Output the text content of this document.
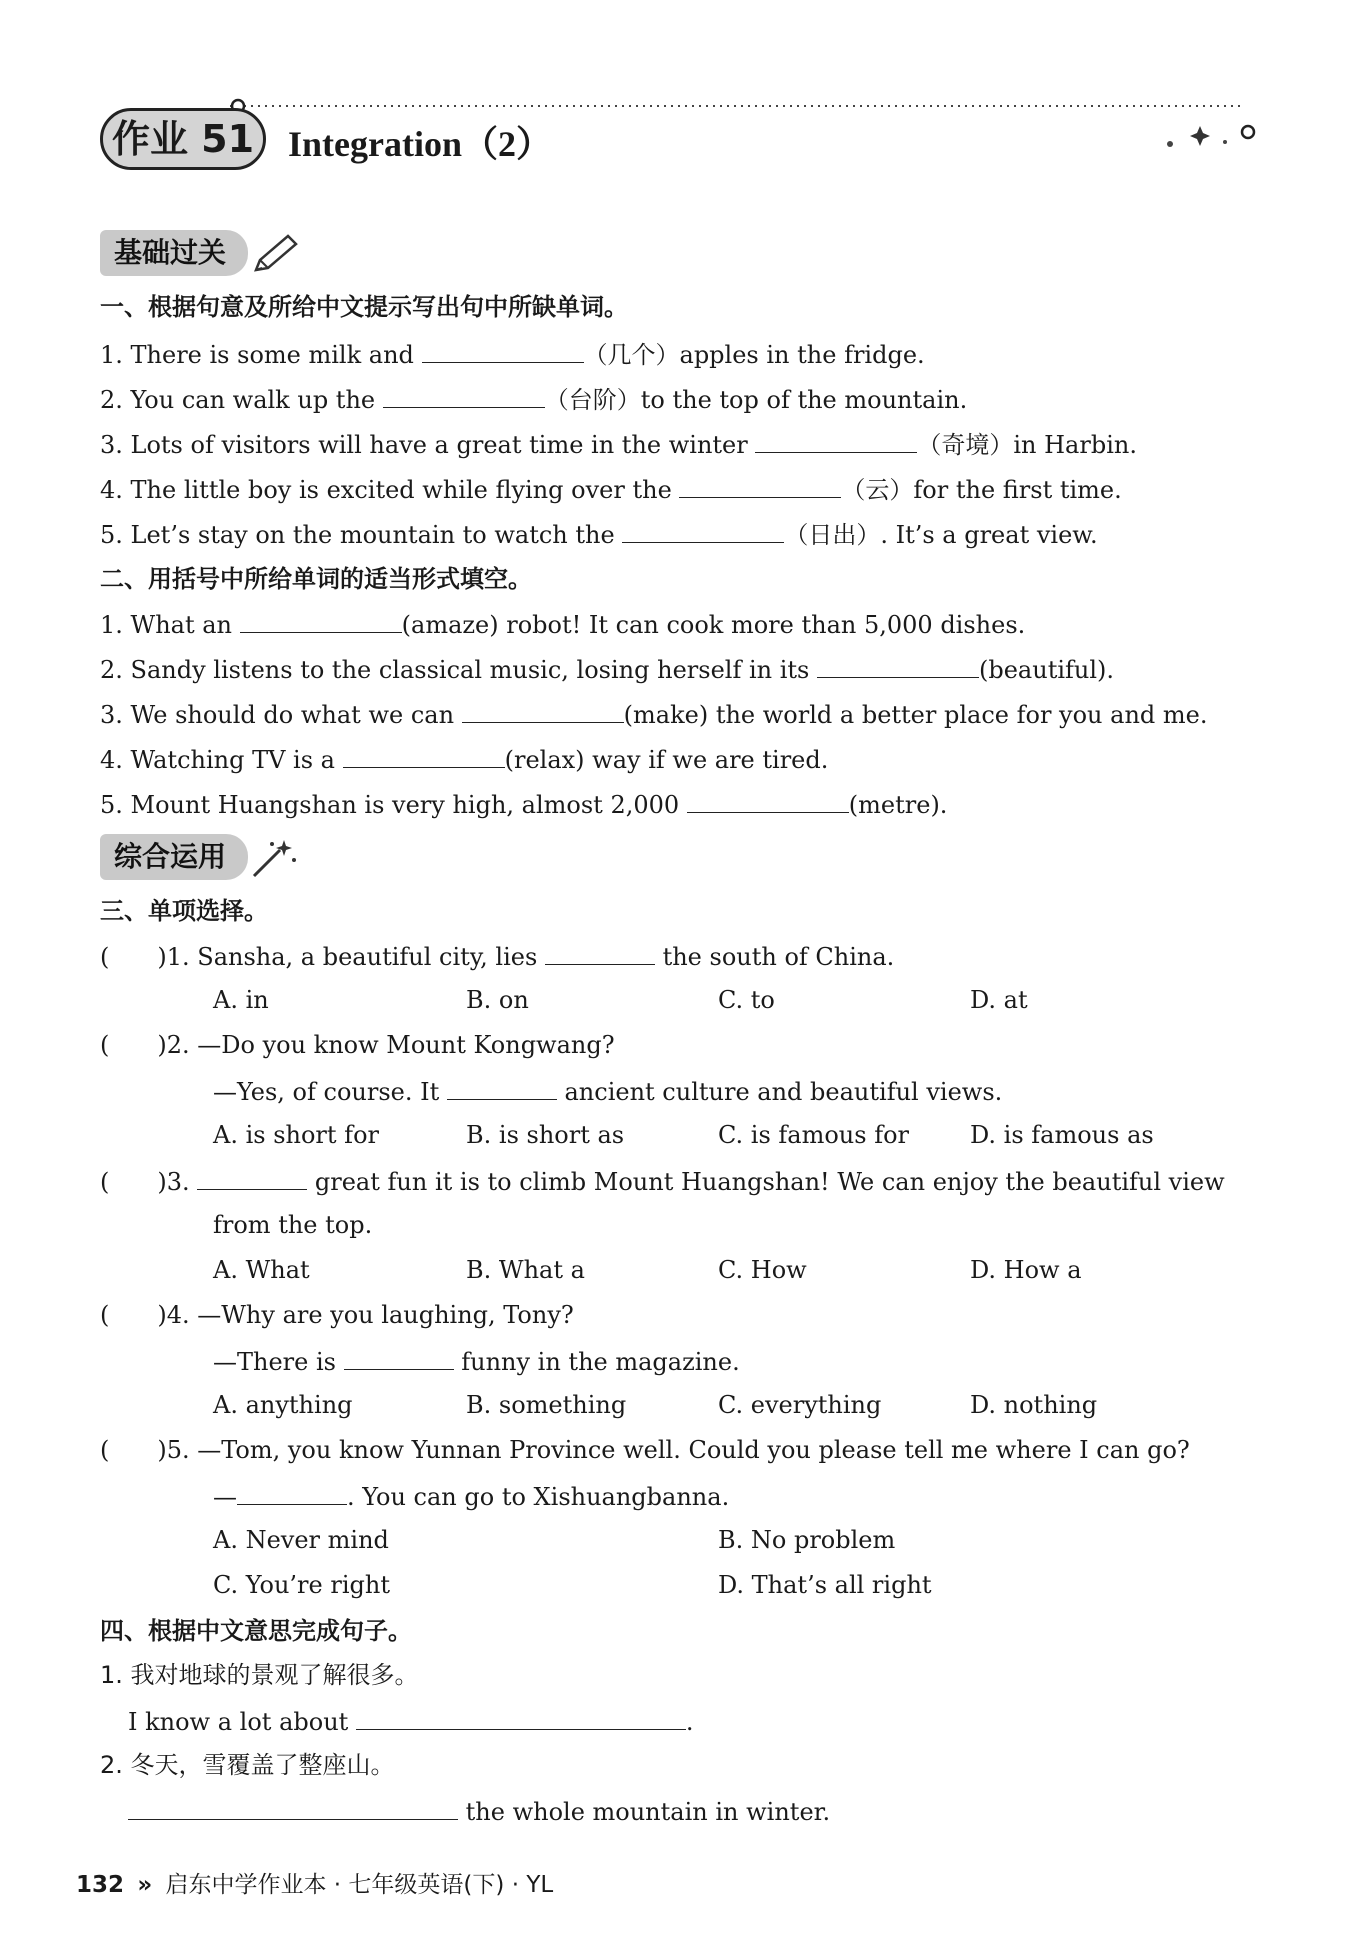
作业 51 Integration（2）
基础过关
一、根据句意及所给中文提示写出句中所缺单词。
1. There is some milk and	（几个）apples in the fridge.
2. You can walk up the	（台阶）to the top of the mountain.
3. Lots of visitors will have a great time in the winter	（奇境）in Harbin.
4. The little boy is excited while flying over the	（云）for the first time.
5. Let’s stay on the mountain to watch the	（日出）. It’s a great view.
二、用括号中所给单词的适当形式填空。
1. What an	(amaze) robot! It can cook more than 5,000 dishes.
2. Sandy listens to the classical music, losing herself in its	(beautiful).
3. We should do what we can	(make) the world a better place for you and me.
4. Watching TV is a	(relax) way if we are tired.
5. Mount Huangshan is very high, almost 2,000	(metre).
综合运用
三、单项选择。
(　　)1. Sansha, a beautiful city, lies	the south of China.
A. in	B. on	C. to	D. at
(　　)2. —Do you know Mount Kongwang?
—Yes, of course. It	ancient culture and beautiful views.
A. is short for	B. is short as	C. is famous for	D. is famous as
(　　)3.	great fun it is to climb Mount Huangshan! We can enjoy the beautiful view
from the top.
A. What	B. What a	C. How	D. How a
(　　)4. —Why are you laughing, Tony?
—There is	funny in the magazine.
A. anything	B. something	C. everything	D. nothing
(　　)5. —Tom, you know Yunnan Province well. Could you please tell me where I can go?
—	. You can go to Xishuangbanna.
A. Never mind	B. No problem
C. You’re right	D. That’s all right
四、根据中文意思完成句子。
1. 我对地球的景观了解很多。
I know a lot about	.
2. 冬天，雪覆盖了整座山。
the whole mountain in winter.
132 » 启东中学作业本 · 七年级英语(下) · YL
